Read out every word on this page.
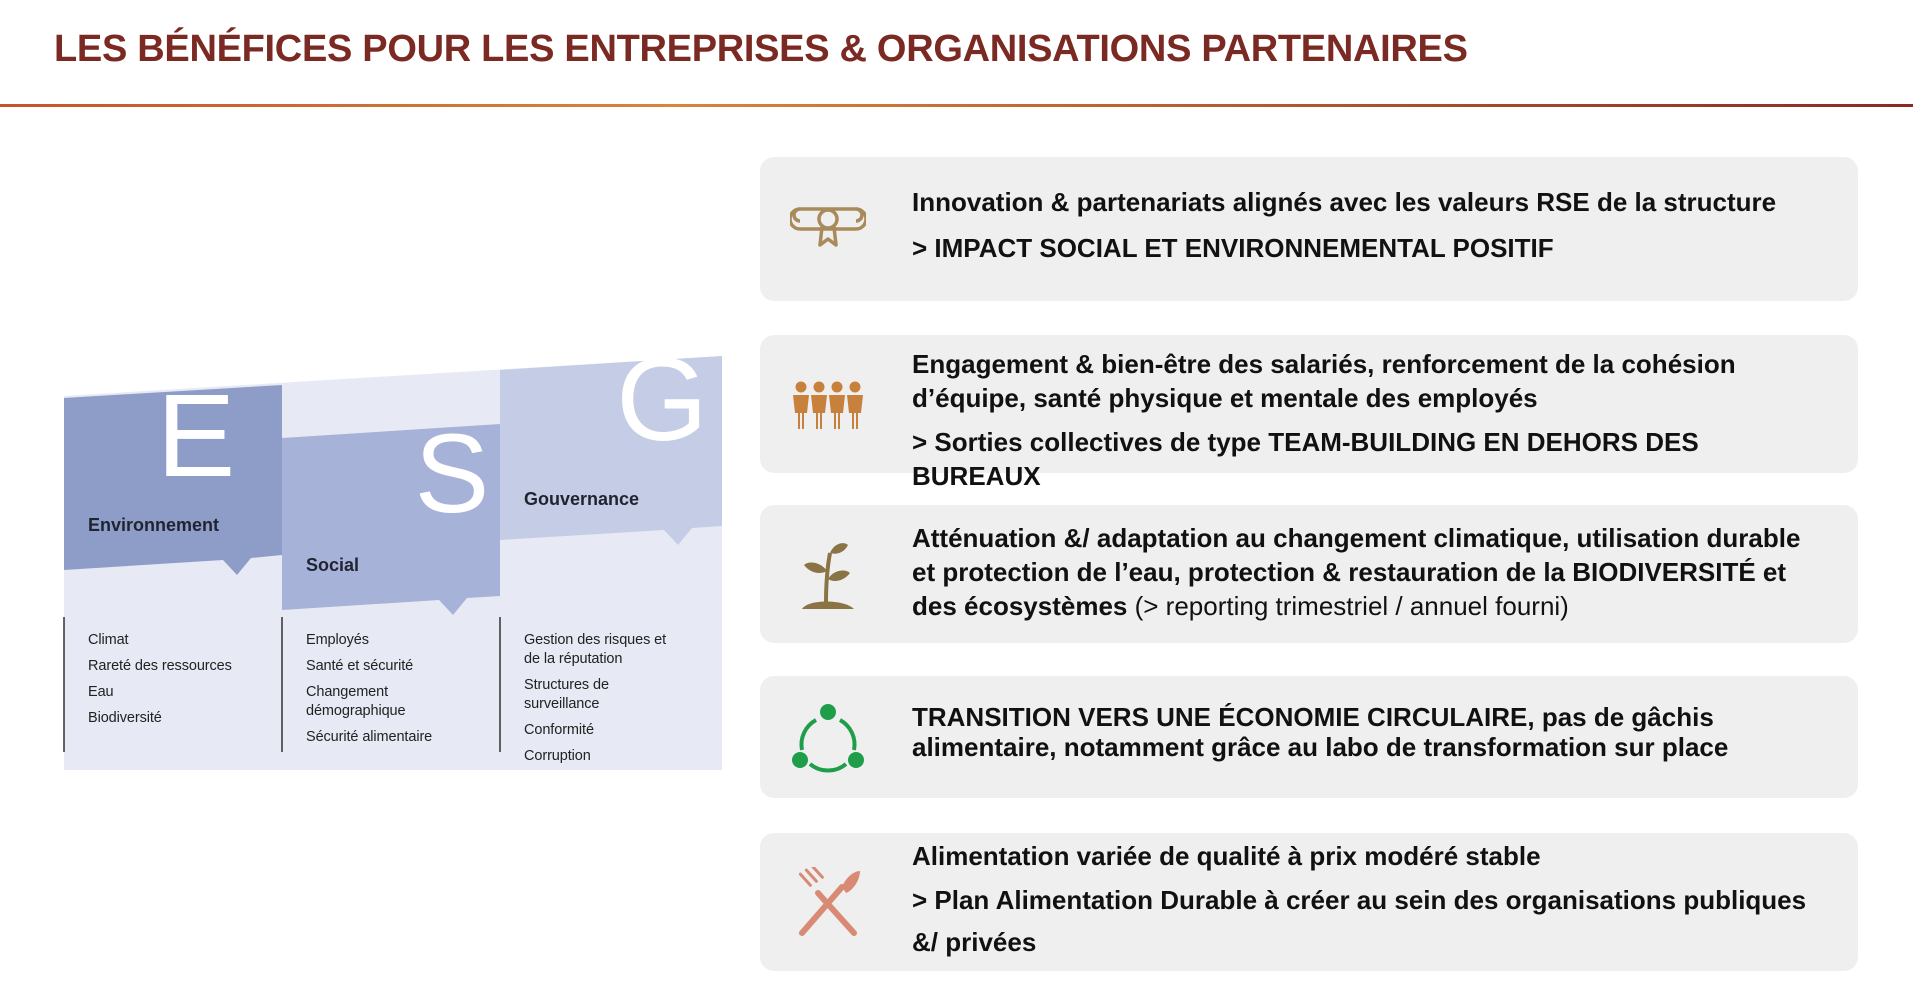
LES BÉNÉFICES POUR LES ENTREPRISES & ORGANISATIONS PARTENAIRES
E S
G
Environnement
Social
Gouvernance
Climat
Rareté des ressources
Eau
Biodiversité
Employés
Santé et sécurité
Changement démographique
Sécurité alimentaire
Gestion des risques et de la réputation
Structures de surveillance
Conformité
Corruption
Innovation & partenariats alignés avec les valeurs RSE de la structure
> IMPACT SOCIAL ET ENVIRONNEMENTAL POSITIF
Engagement & bien-être des salariés, renforcement de la cohésion d’équipe, santé physique et mentale des employés
> Sorties collectives de type TEAM-BUILDING EN DEHORS DES BUREAUX
Atténuation &/ adaptation au changement climatique, utilisation durable et protection de l’eau, protection & restauration de la BIODIVERSITÉ et des écosystèmes (> reporting trimestriel / annuel fourni)
TRANSITION VERS UNE ÉCONOMIE CIRCULAIRE, pas de gâchis alimentaire, notamment grâce au labo de transformation sur place
Alimentation variée de qualité à prix modéré stable
> Plan Alimentation Durable à créer au sein des organisations publiques &/ privées
